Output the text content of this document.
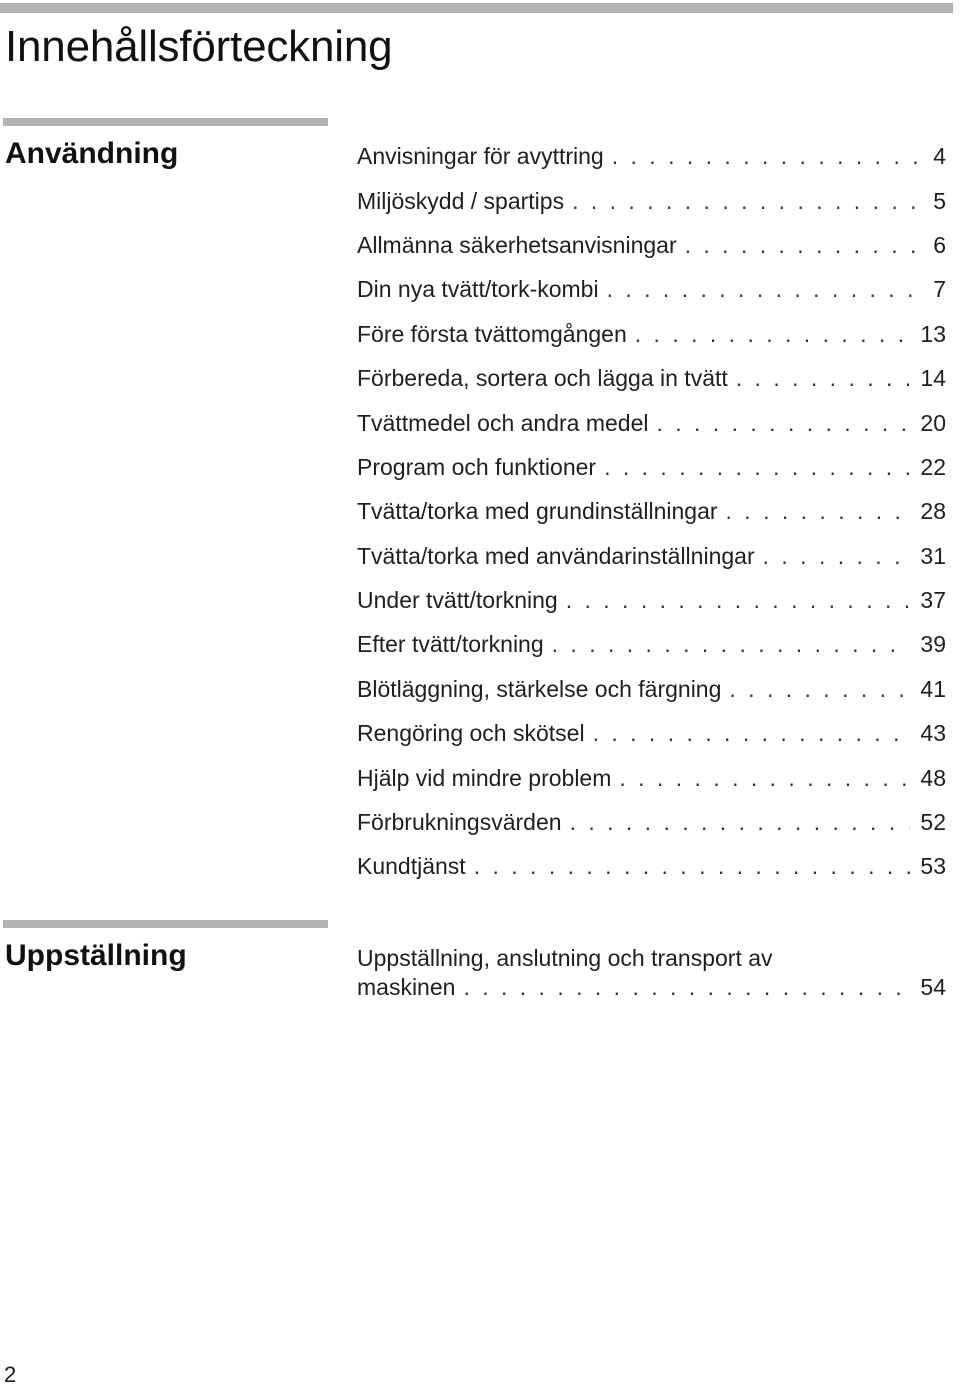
Innehållsförteckning
Användning	Anvisningar för avyttring . . .	4
Miljöskydd / spartips . . .	5
Allmänna säkerhetsanvisningar . . .	6
Din nya tvätt/tork-kombi . . .	7
Före första tvättomgången . . .	13
Förbereda, sortera och lägga in tvätt . . .	14
Tvättmedel och andra medel . . .	20
Program och funktioner . . .	22
Tvätta/torka med grundinställningar . . .	28
Tvätta/torka med användarinställningar . . .	31
Under tvätt/torkning . . .	37
Efter tvätt/torkning . . .	39
Blötläggning, stärkelse och färgning . . .	41
Rengöring och skötsel . . .	43
Hjälp vid mindre problem . . .	48
Förbrukningsvärden . . .	52
Kundtjänst . . .	53
Uppställning	Uppställning, anslutning och transport av
maskinen . . .	54
2
